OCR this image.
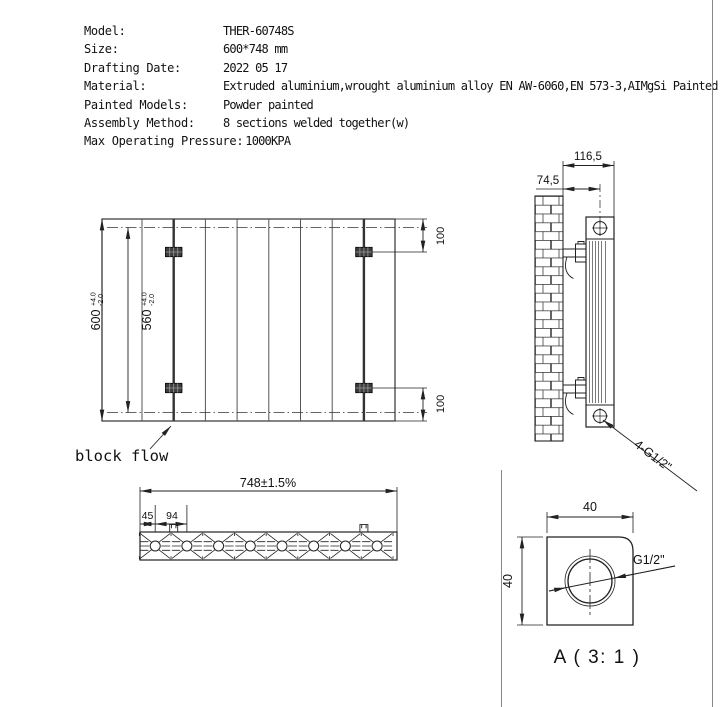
Model:	THER-60748S
Size:	600*748 mm
Drafting Date:	2022 05 17
Material:	Extruded aluminium,wrought aluminium alloy EN AW-6060,EN 573-3,AIMgSi Painted
Painted Models:	Powder painted
Assembly Method:	8 sections welded together(w)
Max Operating Pressure: 1000KPA
600
+4.0 -2.0
560
+4.0 -2.0
100
100
block flow
116,5
74,5
4-G1/2"
748±1.5%
45 94
G1/2"
40
40
A ( 3: 1 )
